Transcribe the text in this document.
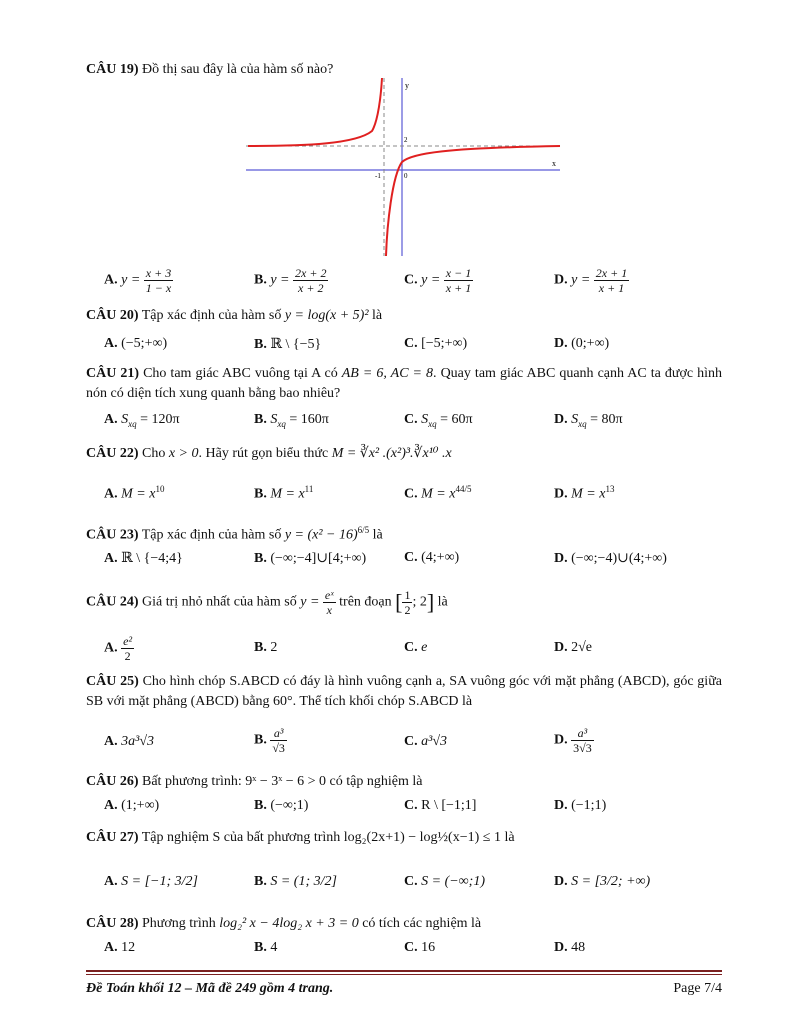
CÂU 19) Đồ thị sau đây là của hàm số nào?
x
y
2
-1	0
A. $y = \frac{x + 3}{1 - x}$	B. $y = \frac{2x + 2}{x + 2}$	C. $y = \frac{x - 1}{x + 1}$	D. $y = \frac{2x + 1}{x + 1}$
CÂU 20) Tập xác định của hàm số y = log(x + 5)² là
A. (−5;+∞)	B. ℝ \ {−5}	C. [−5;+∞)	D. (0;+∞)
CÂU 21) Cho tam giác ABC vuông tại A có AB = 6, AC = 8. Quay tam giác ABC quanh cạnh AC ta được hình nón có diện tích xung quanh bằng bao nhiêu?
A. $S_{xq} = 120\pi$	B. $S_{xq} = 160\pi$	C. $S_{xq} = 60\pi$	D. $S_{xq} = 80\pi$
CÂU 22) Cho x > 0. Hãy rút gọn biểu thức M = ∛x² .(x²)³.∛x¹⁰ .x
A. $M = x^{10}$	B. $M = x^{11}$	C. $M = x^{44/5}$	D. $M = x^{13}$
CÂU 23) Tập xác định của hàm số $y = (x^2 - 16)^{6/5}$ là
A. ℝ \ {−4;4}	B. (−∞;−4]∪[4;+∞)	C. (4;+∞)	D. (−∞;−4)∪(4;+∞)
CÂU 24) Giá trị nhỏ nhất của hàm số $y = \frac{\text{eˣ}}{x}$ trên đoạn [ $\frac{1}{2}$ ; 2] là
A. $\frac{\text{e²}}{2}$	B. 2	C. e	D. 2√e
CÂU 25) Cho hình chóp S.ABCD có đáy là hình vuông cạnh a, SA vuông góc với mặt phẳng (ABCD), góc giữa SB với mặt phẳng (ABCD) bằng 60°. Thể tích khối chóp S.ABCD là
A. 3a³√3	B. $\frac{\text{a³}}{√3}$	C. a³√3	D. $\frac{\text{a³}}{3√3}$
CÂU 26) Bất phương trình: 9ˣ − 3ˣ − 6 > 0 có tập nghiệm là
A. (1;+∞)	B. (−∞;1)	C. R \ [−1;1]	D. (−1;1)
CÂU 27) Tập nghiệm S của bất phương trình log₂(2x+1) − log½(x−1) ≤ 1 là
A. S = [−1; 3/2]	B. S = (1; 3/2]	C. S = (−∞;1)	D. S = [3/2; +∞)
CÂU 28) Phương trình log₂² x − 4log₂ x + 3 = 0 có tích các nghiệm là
A. 12	B. 4	C. 16	D. 48
Đề Toán khối 12 – Mã đề 249 gồm 4 trang.	Page 7/4
